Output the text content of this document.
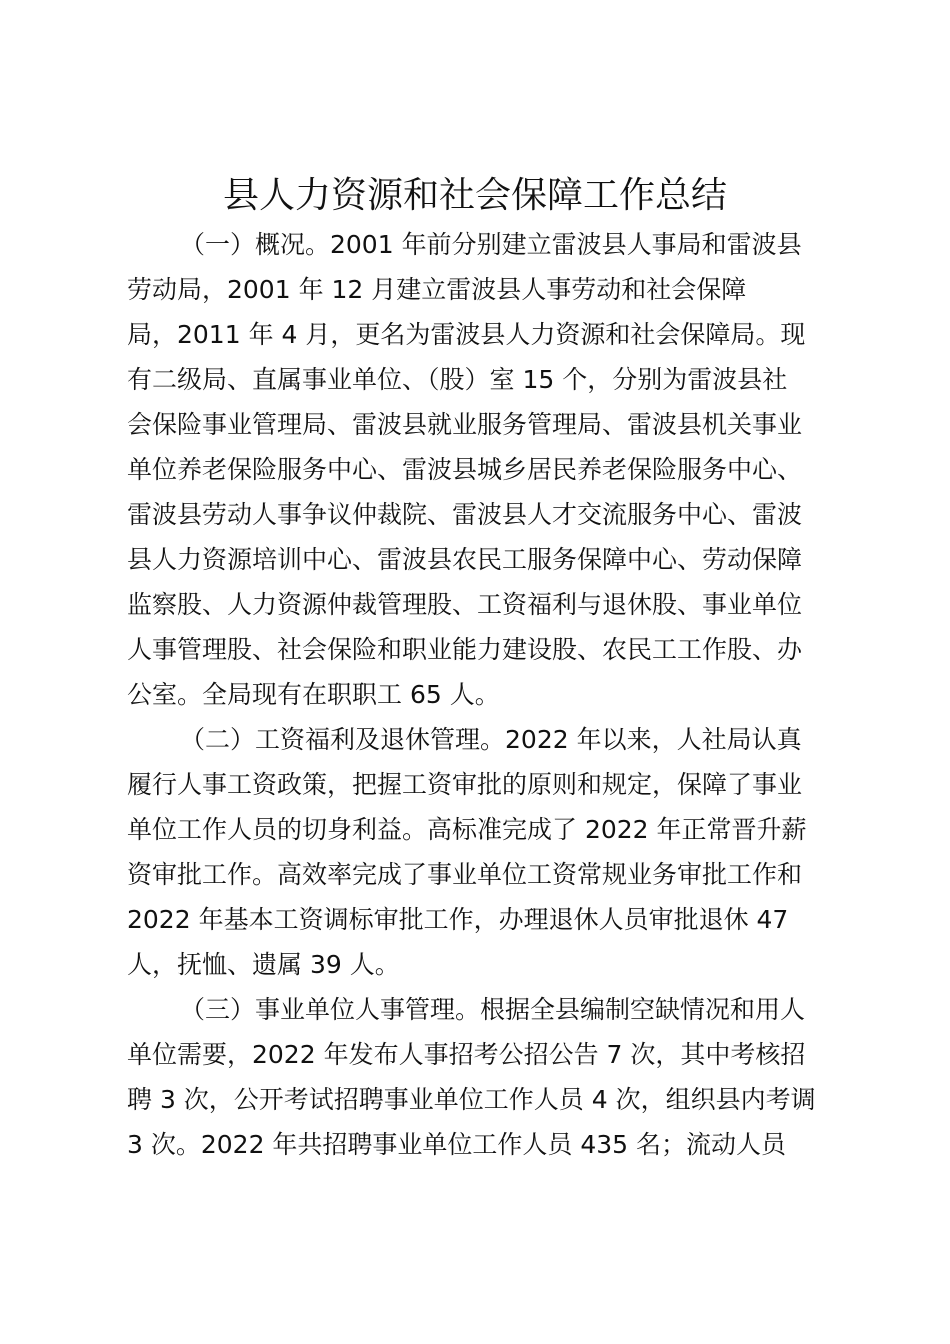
县人力资源和社会保障工作总结

（一）概况。2001 年前分别建立雷波县人事局和雷波县

劳动局，2001 年 12 月建立雷波县人事劳动和社会保障

局，2011 年 4 月，更名为雷波县人力资源和社会保障局。现

有二级局、直属事业单位、（股）室 15 个，分别为雷波县社

会保险事业管理局、雷波县就业服务管理局、雷波县机关事业

单位养老保险服务中心、雷波县城乡居民养老保险服务中心、

雷波县劳动人事争议仲裁院、雷波县人才交流服务中心、雷波

县人力资源培训中心、雷波县农民工服务保障中心、劳动保障

监察股、人力资源仲裁管理股、工资福利与退休股、事业单位

人事管理股、社会保险和职业能力建设股、农民工工作股、办

公室。全局现有在职职工 65 人。

（二）工资福利及退休管理。2022 年以来，人社局认真

履行人事工资政策，把握工资审批的原则和规定，保障了事业

单位工作人员的切身利益。高标准完成了 2022 年正常晋升薪

资审批工作。高效率完成了事业单位工资常规业务审批工作和

2022 年基本工资调标审批工作，办理退休人员审批退休 47

人，抚恤、遗属 39 人。

（三）事业单位人事管理。根据全县编制空缺情况和用人

单位需要，2022 年发布人事招考公招公告 7 次，其中考核招

聘 3 次，公开考试招聘事业单位工作人员 4 次，组织县内考调

3 次。2022 年共招聘事业单位工作人员 435 名；流动人员
